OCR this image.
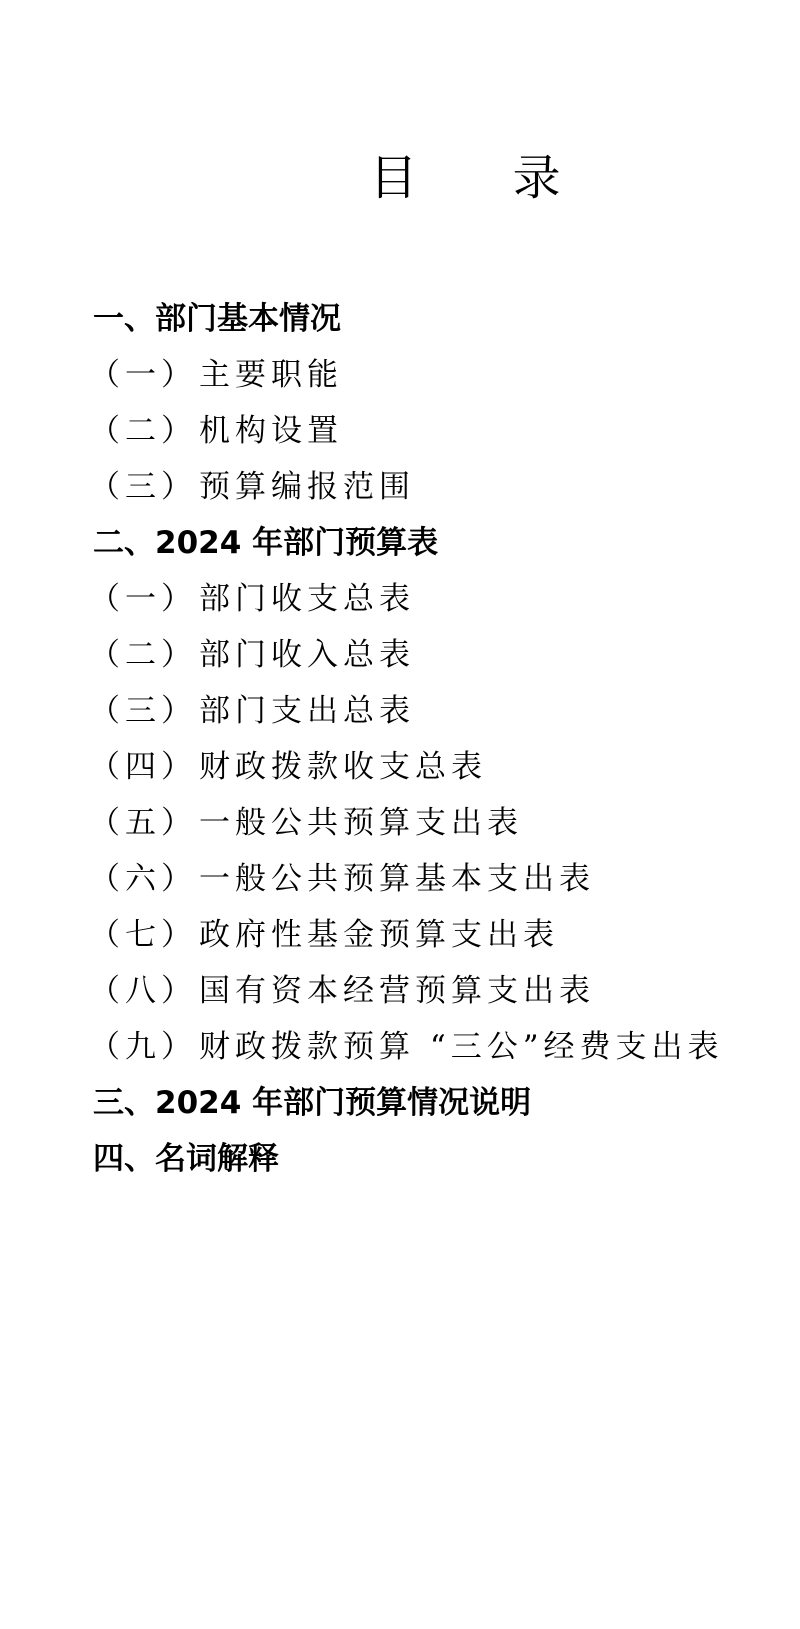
目 录
一、部门基本情况
（一） 主要职能
（二） 机构设置
（三） 预算编报范围
二、2024 年部门预算表
（一） 部门收支总表
（二） 部门收入总表
（三） 部门支出总表
（四） 财政拨款收支总表
（五） 一般公共预算支出表
（六） 一般公共预算基本支出表
（七） 政府性基金预算支出表
（八） 国有资本经营预算支出表
（九） 财政拨款预算 “三公”经费支出表
三、2024 年部门预算情况说明
四、名词解释
